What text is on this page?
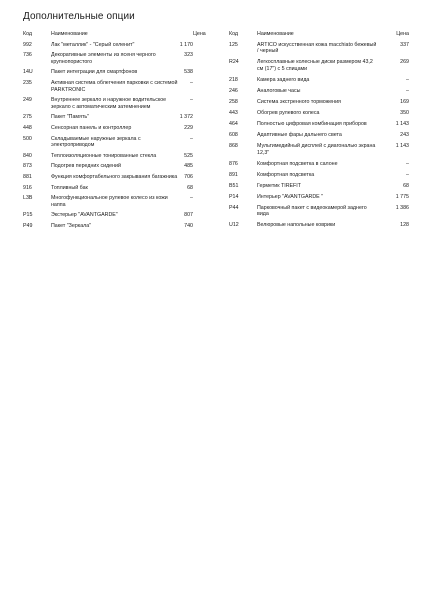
Дополнительные опции
Код	Наименование	Цена
992	Лак "металлик" - "Серый селенит"	1 170
736	Декоративные элементы из ясеня черного крупнопористого	323
14U	Пакет интеграции для смартфонов	538
235	Активная система облегчения парковки с системой PARKTRONIC	–
249	Внутреннее зеркало и наружное водительское зеркало с автоматическим затемнением	–
275	Пакет "Память"	1 372
448	Сенсорная панель и контроллер	229
500	Складываемые наружные зеркала с электроприводом	–
840	Теплоизоляционные тонированные стекла	525
873	Подогрев передних сидений	485
881	Функция комфортабельного закрывания багажника	706
916	Топливный бак	68
L3B	Многофункциональное рулевое колесо из кожи наппа	–
P15	Экстерьер "AVANTGARDE"	807
P49	Пакет "Зеркала"	740
Код	Наименование	Цена
125	ARTICO искусственная кожа macchiato бежевый / черный	337
R24	Легкосплавные колесные диски размером 43,2 см (17") с 5 спицами	269
218	Камера заднего вида	–
246	Аналоговые часы	–
258	Система экстренного торможения	169
443	Обогрев рулевого колеса	350
464	Полностью цифровая комбинация приборов	1 143
608	Адаптивные фары дальнего света	243
868	Мультимедийный дисплей с диагональю экрана 12,3"	1 143
876	Комфортная подсветка в салоне	–
891	Комфортная подсветка	–
B51	Герметик TIREFIT	68
P14	Интерьер "AVANTGARDE "	1 775
P44	Парковочный пакет с видеокамерой заднего вида	1 386
U12	Велюровые напольные коврики	128
